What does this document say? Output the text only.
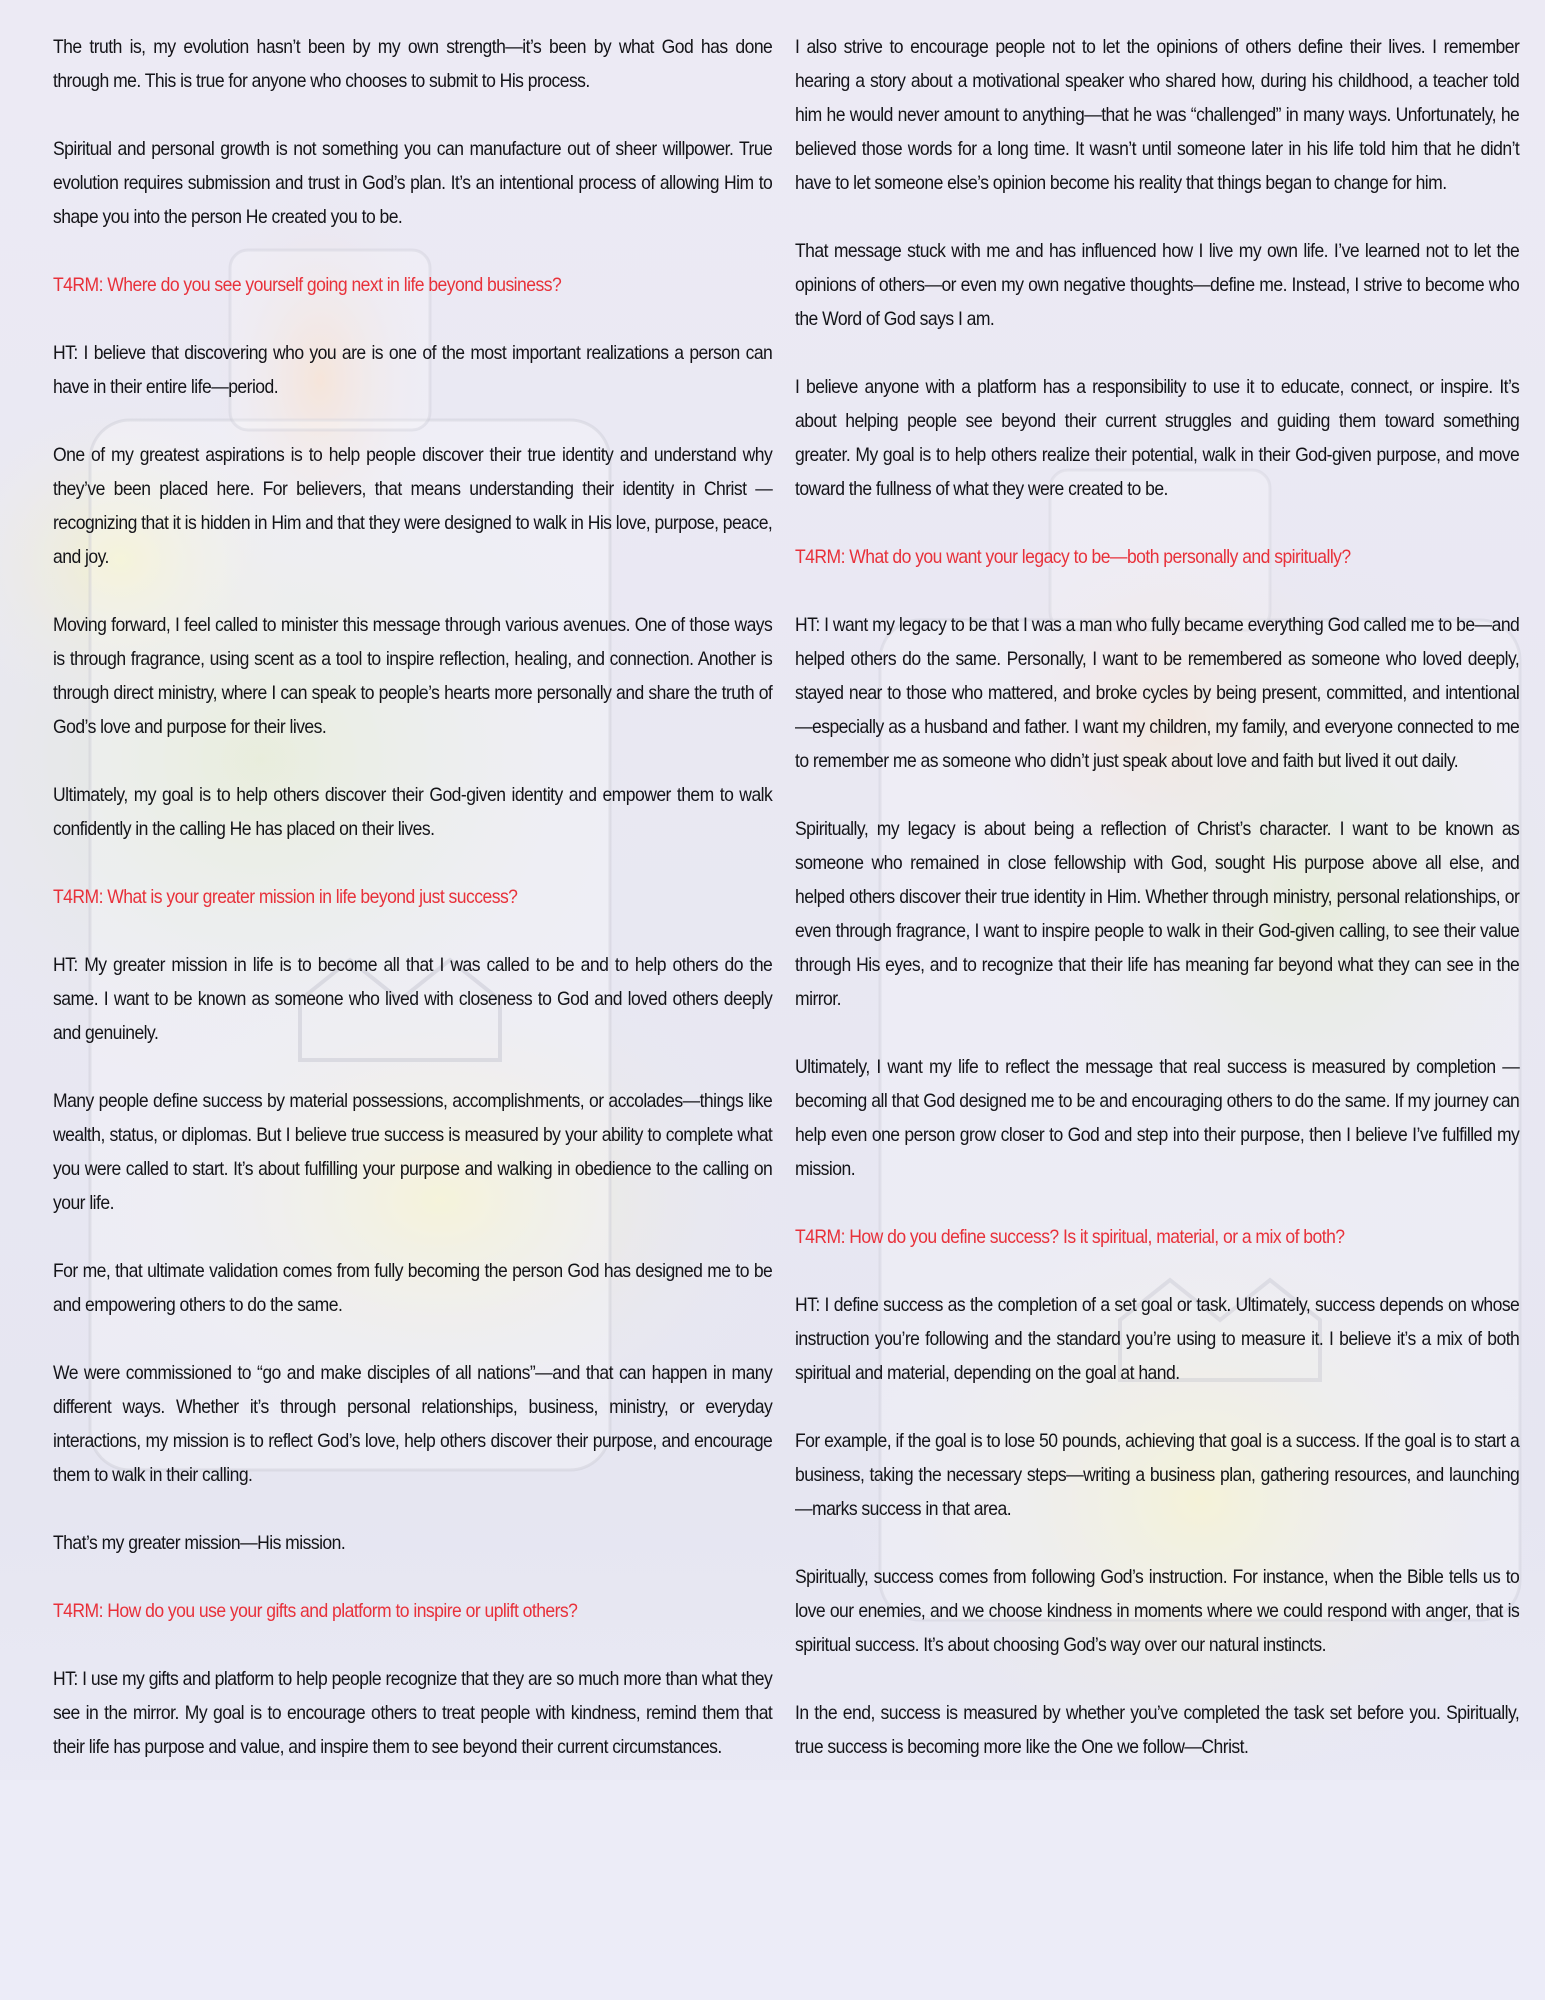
The truth is, my evolution hasn’t been by my own strength—it’s been by what God has done through me. This is true for anyone who chooses to submit to His process.

Spiritual and personal growth is not something you can manufacture out of sheer willpower. True evolution requires submission and trust in God’s plan. It’s an intentional process of allowing Him to shape you into the person He created you to be.

T4RM: Where do you see yourself going next in life beyond business?

HT: I believe that discovering who you are is one of the most important realizations a person can have in their entire life—period.

One of my greatest aspirations is to help people discover their true identity and understand why they’ve been placed here. For believers, that means understanding their identity in Christ —recognizing that it is hidden in Him and that they were designed to walk in His love, purpose, peace, and joy.

Moving forward, I feel called to minister this message through various avenues. One of those ways is through fragrance, using scent as a tool to inspire reflection, healing, and connection. Another is through direct ministry, where I can speak to people’s hearts more personally and share the truth of God’s love and purpose for their lives.

Ultimately, my goal is to help others discover their God-given identity and empower them to walk confidently in the calling He has placed on their lives.

T4RM: What is your greater mission in life beyond just success?

HT: My greater mission in life is to become all that I was called to be and to help others do the same. I want to be known as someone who lived with closeness to God and loved others deeply and genuinely.

Many people define success by material possessions, accomplishments, or accolades—things like wealth, status, or diplomas. But I believe true success is measured by your ability to complete what you were called to start. It’s about fulfilling your purpose and walking in obedience to the calling on your life.

For me, that ultimate validation comes from fully becoming the person God has designed me to be and empowering others to do the same.

We were commissioned to “go and make disciples of all nations”—and that can happen in many different ways. Whether it’s through personal relationships, business, ministry, or everyday interactions, my mission is to reflect God’s love, help others discover their purpose, and encourage them to walk in their calling.

That’s my greater mission—His mission.

T4RM: How do you use your gifts and platform to inspire or uplift others?

HT: I use my gifts and platform to help people recognize that they are so much more than what they see in the mirror. My goal is to encourage others to treat people with kindness, remind them that their life has purpose and value, and inspire them to see beyond their current circumstances.

I also strive to encourage people not to let the opinions of others define their lives. I remember hearing a story about a motivational speaker who shared how, during his childhood, a teacher told him he would never amount to anything—that he was “challenged” in many ways. Unfortunately, he believed those words for a long time. It wasn’t until someone later in his life told him that he didn’t have to let someone else’s opinion become his reality that things began to change for him.

That message stuck with me and has influenced how I live my own life. I’ve learned not to let the opinions of others—or even my own negative thoughts—define me. Instead, I strive to become who the Word of God says I am.

I believe anyone with a platform has a responsibility to use it to educate, connect, or inspire. It’s about helping people see beyond their current struggles and guiding them toward something greater. My goal is to help others realize their potential, walk in their God-given purpose, and move toward the fullness of what they were created to be.

T4RM: What do you want your legacy to be—both personally and spiritually?

HT: I want my legacy to be that I was a man who fully became everything God called me to be—and helped others do the same. Personally, I want to be remembered as someone who loved deeply, stayed near to those who mattered, and broke cycles by being present, committed, and intentional—especially as a husband and father. I want my children, my family, and everyone connected to me to remember me as someone who didn’t just speak about love and faith but lived it out daily.

Spiritually, my legacy is about being a reflection of Christ’s character. I want to be known as someone who remained in close fellowship with God, sought His purpose above all else, and helped others discover their true identity in Him. Whether through ministry, personal relationships, or even through fragrance, I want to inspire people to walk in their God-given calling, to see their value through His eyes, and to recognize that their life has meaning far beyond what they can see in the mirror.

Ultimately, I want my life to reflect the message that real success is measured by completion —becoming all that God designed me to be and encouraging others to do the same. If my journey can help even one person grow closer to God and step into their purpose, then I believe I’ve fulfilled my mission.

T4RM: How do you define success? Is it spiritual, material, or a mix of both?

HT: I define success as the completion of a set goal or task. Ultimately, success depends on whose instruction you’re following and the standard you’re using to measure it. I believe it’s a mix of both spiritual and material, depending on the goal at hand.

For example, if the goal is to lose 50 pounds, achieving that goal is a success. If the goal is to start a business, taking the necessary steps—writing a business plan, gathering resources, and launching—marks success in that area.

Spiritually, success comes from following God’s instruction. For instance, when the Bible tells us to love our enemies, and we choose kindness in moments where we could respond with anger, that is spiritual success. It’s about choosing God’s way over our natural instincts.

In the end, success is measured by whether you’ve completed the task set before you. Spiritually, true success is becoming more like the One we follow—Christ.
